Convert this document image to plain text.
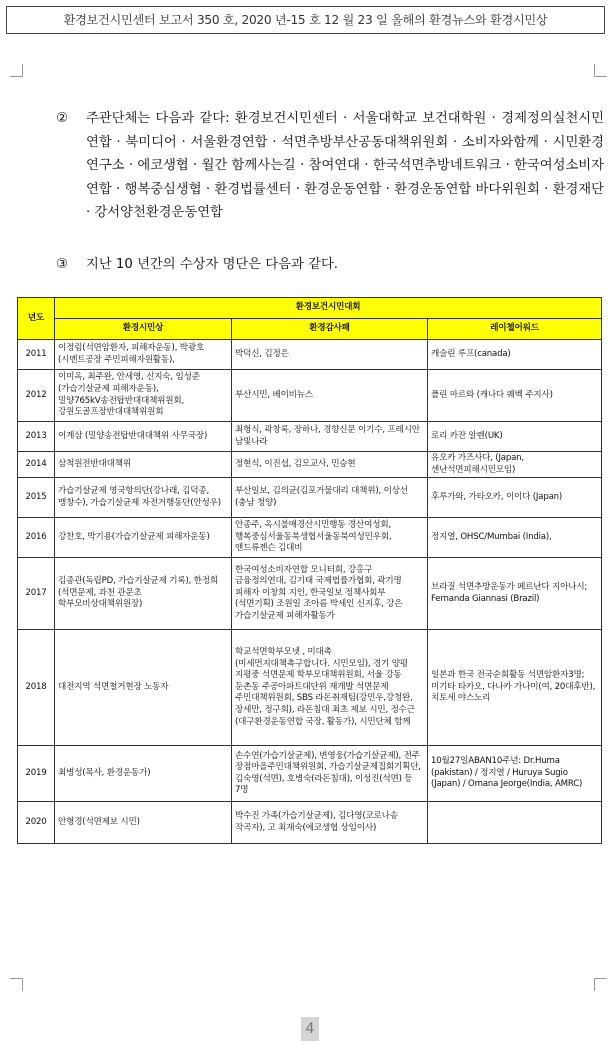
환경보건시민센터 보고서 350 호, 2020 년-15 호 12 월 23 일 올해의 환경뉴스와 환경시민상
② 주관단체는 다음과 같다: 환경보건시민센터 · 서울대학교 보건대학원 · 경제정의실천시민연합 · 북미디어 · 서울환경연합 · 석면추방부산공동대책위원회 · 소비자와함께 · 시민환경연구소 · 에코생협 · 월간 함께사는길 · 참여연대 · 한국석면추방네트워크 · 한국여성소비자연합 · 행복중심생협 · 환경법률센터 · 환경운동연합 · 환경운동연합 바다위원회 · 환경재단 · 강서양천환경운동연합
③ 지난 10 년간의 수상자 명단은 다음과 같다.
년도	환경보건시민대회		
	환경시민상	환경감사패	레이첼어워드
2011	이정림(석면암환자, 피해자운동), 박광호(시멘트공장 주민피해자원활동),	박덕신, 김정은	캐슬린 루프(canada)
2012	이미옥, 최주완, 안세영, 신지숙, 임성준(가습기살균제 피해자운동), 밀양765kV송전탑반대대책위원회, 강원도골프장반대대책위원회	부산시민, 베이비뉴스	폴린 마르와 (캐나다 퀘벡 주지사)
2013	이계삼 (밀양송전탑반대대책위 사무국장)	최형식, 곽창록, 장하나, 경향신문 이기수, 프레시안 남빛나라	로리 카잔 알렌(UK)
2014	삼척원전반대대책위	정현식, 이진섭, 김모교사, 민승현	유오카 가즈사다, (Japan, 센난석면피해시민모임)
2015	가습기살균제 영국항의단(강나래, 김덕종, 맹창수), 가습기살균제 자전거행동단(안성우)	부산일보, 김의균(김포거물대리 대책위), 이상선(충남 청양)	후루가와, 가타오카, 이이다 (Japan)
2016	강찬호, 박기용(가습기살균제 피해자운동)	안종주, 옥시불매경산시민행동 경산여성회, 행복중심서울동북생협서울동북여성민우회, 앤드류젠슨 김대비	정지열, OHSC/Mumbai (India),
2017	김종관(독립PD, 가습기살균제 기록), 한정희(석면문제, 과천 관문초 학부모비상대책위원장)	한국여성소비자연합 모니터회, 강홍구 금융정의연대, 김기태 국제법률가협회, 곽기명 피해자 이창희 지인, 한국일보 정책사회부(석면기획) 조원일 조아름 박세인 신지후, 강은 가습기살균제 피해자활동가	브라질 석면추방운동가 페르난다 지아나시; Fernanda Giannasi (Brazil)
2018	대전지역 석면철거현장 노동자	학교석면학부모넷 , 미대촉 (미세먼지대책촉구합니다. 시민모임), 경기 양평 지평중 석면문제 학부모대책위원회, 서울 강동 둔촌동 주공아파트대단위 재개발 석면문제 주민대책위원회, SBS 라돈취재팀(강민우,강청완, 장세만, 정구희), 라돈침대 최초 제보 시민, 정수근(대구환경운동연합 국장, 활동가), 시민단체 함께	일본과 한국 전국순회활동 석면암환자3명; 미기타 타카오, 다나카 가나미(여, 20대후반), 치토세 야스노리
2019	최병성(목사, 환경운동가)	손수연(가습기살균제), 변영웅(가습기살균제), 전주 장점마을주민대책위원회, 가습기살균제집회기획단, 김숙영(석면), 호병숙(라돈침대), 이성진(석면) 등 7명	10월27일ABAN10주년: Dr.Huma (pakistan) / 정지열 / Huruya Sugio (Japan) / Omana Jeorge(India, AMRC)
2020	안형경(석면제보 시민)	박수진 가족(가습기살균제), 김다영(코로나송 작곡자), 고 최재숙(에코생협 상임이사)	
4
